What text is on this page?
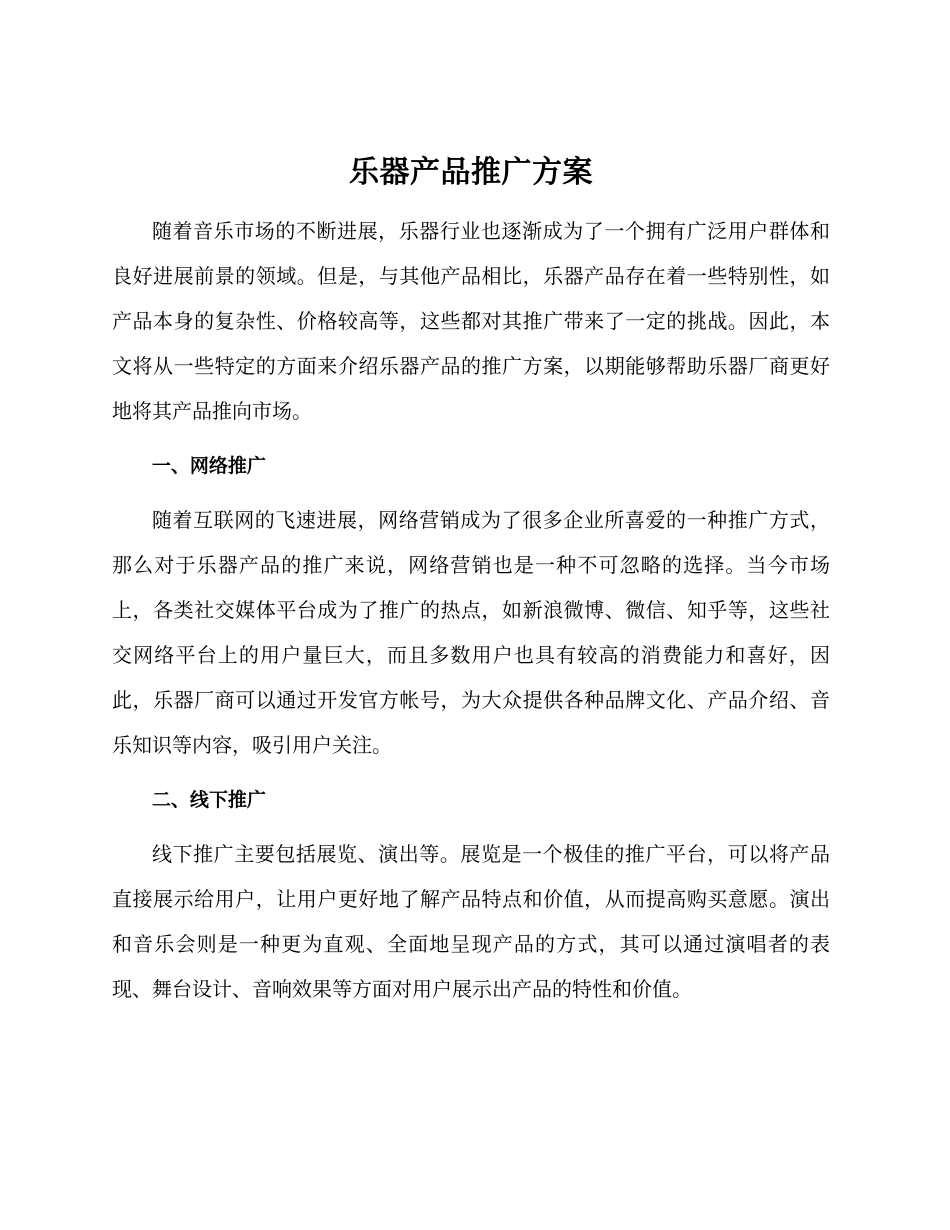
乐器产品推广方案

随着音乐市场的不断进展，乐器行业也逐渐成为了一个拥有广泛用户群体和良好进展前景的领域。但是，与其他产品相比，乐器产品存在着一些特别性，如产品本身的复杂性、价格较高等，这些都对其推广带来了一定的挑战。因此，本文将从一些特定的方面来介绍乐器产品的推广方案，以期能够帮助乐器厂商更好地将其产品推向市场。

一、网络推广

随着互联网的飞速进展，网络营销成为了很多企业所喜爱的一种推广方式，那么对于乐器产品的推广来说，网络营销也是一种不可忽略的选择。当今市场上，各类社交媒体平台成为了推广的热点，如新浪微博、微信、知乎等，这些社交网络平台上的用户量巨大，而且多数用户也具有较高的消费能力和喜好，因此，乐器厂商可以通过开发官方帐号，为大众提供各种品牌文化、产品介绍、音乐知识等内容，吸引用户关注。

二、线下推广

线下推广主要包括展览、演出等。展览是一个极佳的推广平台，可以将产品直接展示给用户，让用户更好地了解产品特点和价值，从而提高购买意愿。演出和音乐会则是一种更为直观、全面地呈现产品的方式，其可以通过演唱者的表现、舞台设计、音响效果等方面对用户展示出产品的特性和价值。
